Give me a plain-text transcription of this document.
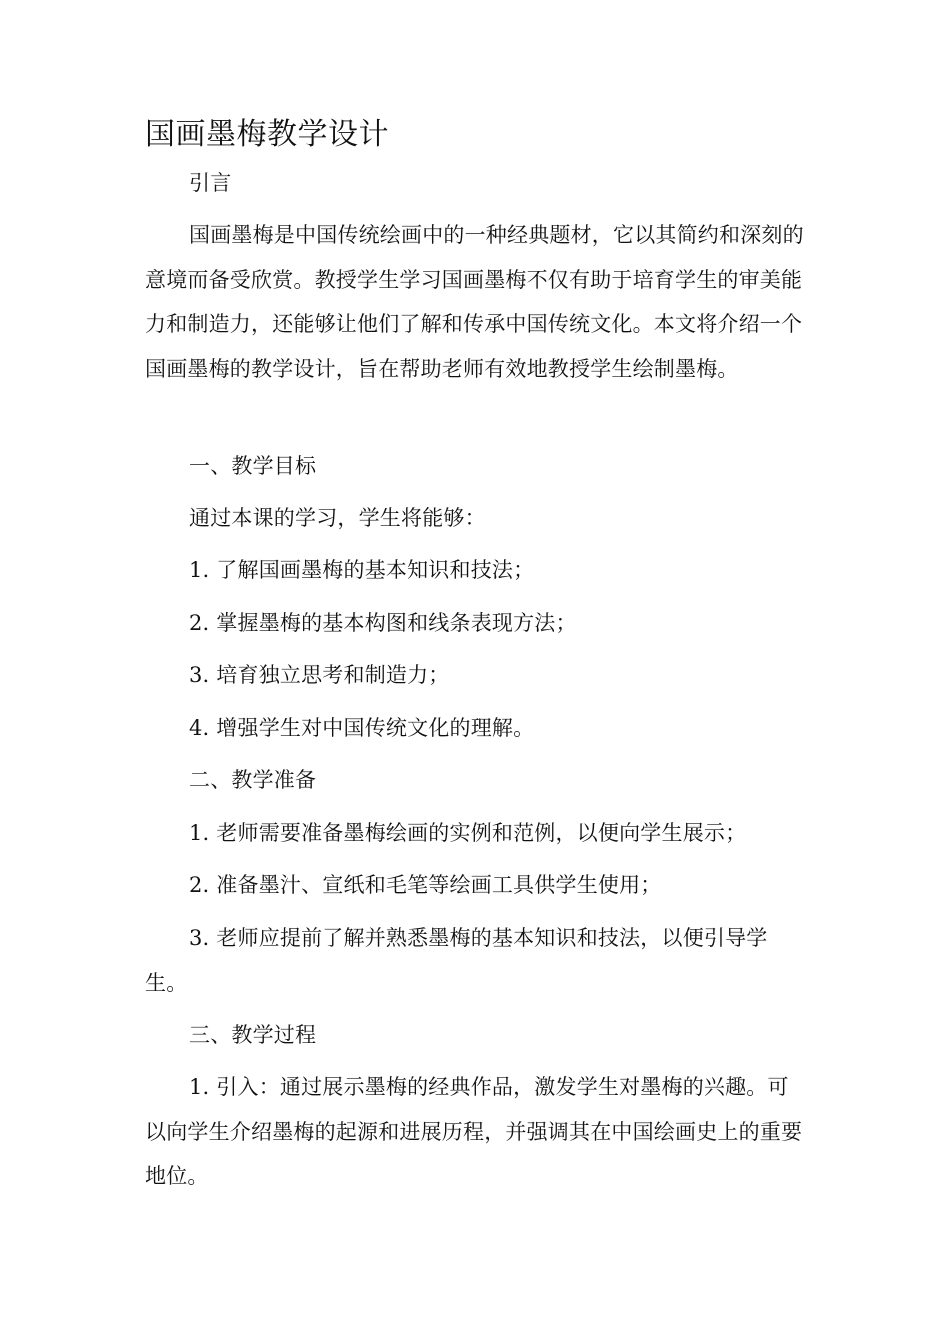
国画墨梅教学设计

引言

国画墨梅是中国传统绘画中的一种经典题材，它以其简约和深刻的意境而备受欣赏。教授学生学习国画墨梅不仅有助于培育学生的审美能力和制造力，还能够让他们了解和传承中国传统文化。本文将介绍一个国画墨梅的教学设计，旨在帮助老师有效地教授学生绘制墨梅。

一、教学目标

通过本课的学习，学生将能够：

1. 了解国画墨梅的基本知识和技法；

2. 掌握墨梅的基本构图和线条表现方法；

3. 培育独立思考和制造力；

4. 增强学生对中国传统文化的理解。

二、教学准备

1. 老师需要准备墨梅绘画的实例和范例，以便向学生展示；

2. 准备墨汁、宣纸和毛笔等绘画工具供学生使用；

3. 老师应提前了解并熟悉墨梅的基本知识和技法，以便引导学生。

三、教学过程

1. 引入：通过展示墨梅的经典作品，激发学生对墨梅的兴趣。可以向学生介绍墨梅的起源和进展历程，并强调其在中国绘画史上的重要地位。
